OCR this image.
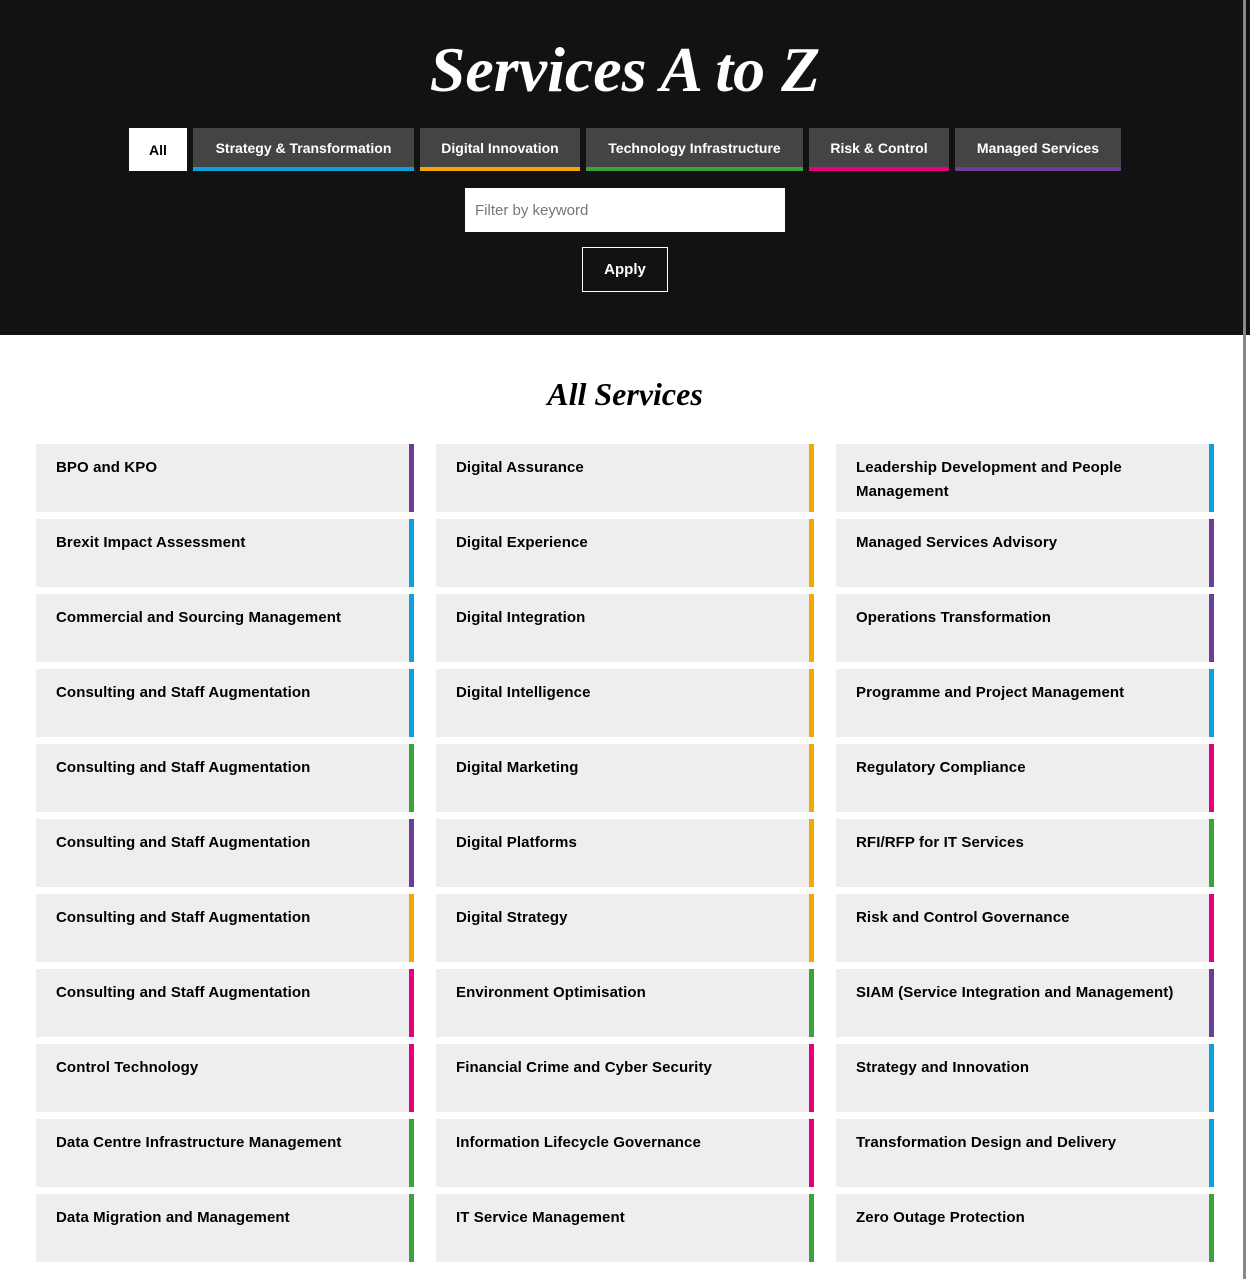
Services A to Z
All	Strategy & Transformation	Digital Innovation	Technology Infrastructure	Risk & Control	Managed Services
Filter by keyword
Apply
All Services
BPO and KPO
Brexit Impact Assessment
Commercial and Sourcing Management
Consulting and Staff Augmentation
Consulting and Staff Augmentation
Consulting and Staff Augmentation
Consulting and Staff Augmentation
Consulting and Staff Augmentation
Control Technology
Data Centre Infrastructure Management
Data Migration and Management
Digital Assurance
Digital Experience
Digital Integration
Digital Intelligence
Digital Marketing
Digital Platforms
Digital Strategy
Environment Optimisation
Financial Crime and Cyber Security
Information Lifecycle Governance
IT Service Management
Leadership Development and People Management
Managed Services Advisory
Operations Transformation
Programme and Project Management
Regulatory Compliance
RFI/RFP for IT Services
Risk and Control Governance
SIAM (Service Integration and Management)
Strategy and Innovation
Transformation Design and Delivery
Zero Outage Protection
